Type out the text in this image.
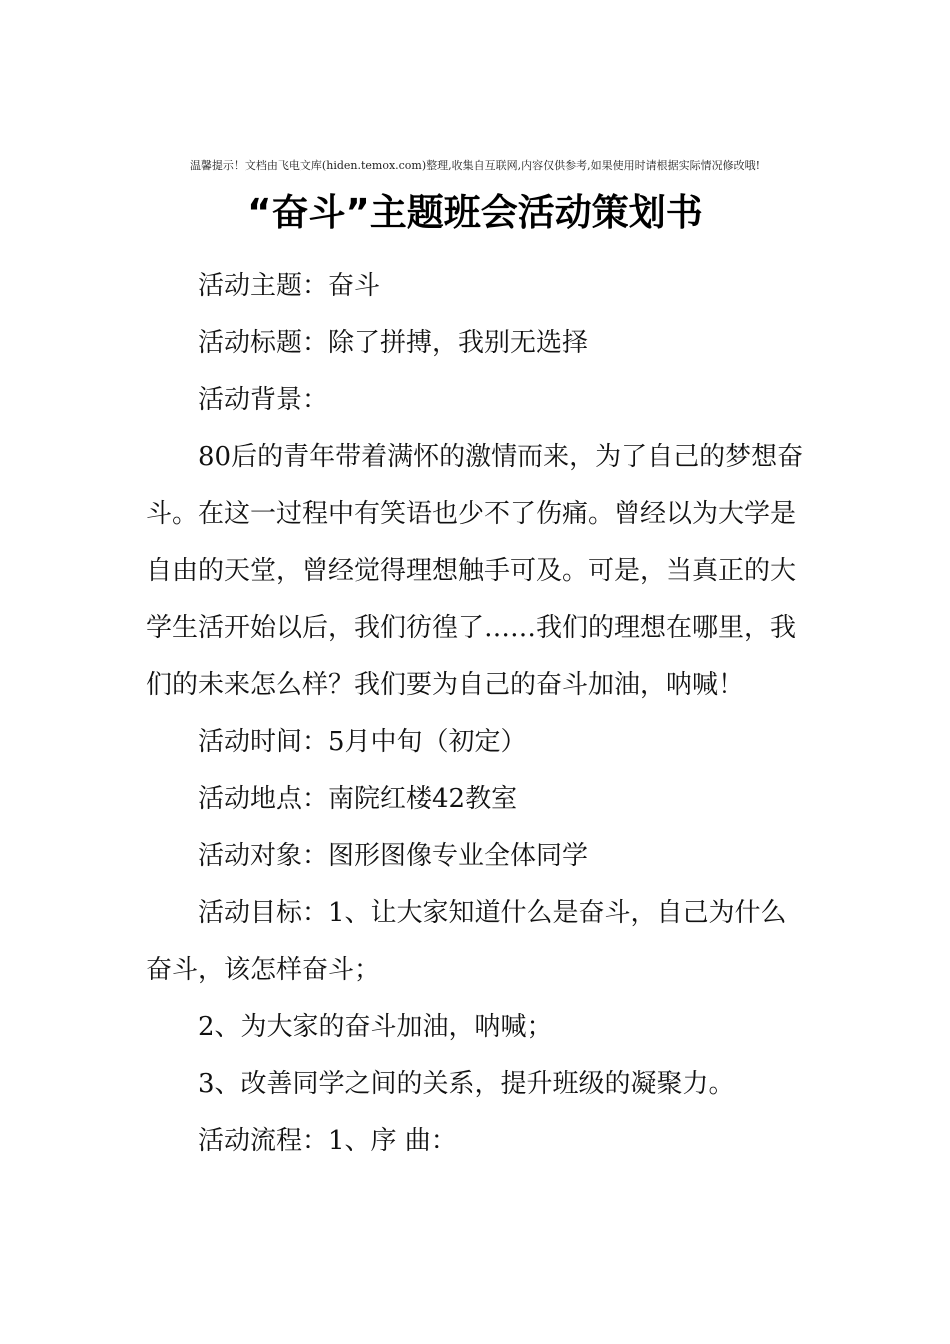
温馨提示！文档由飞电文库(hiden.temox.com)整理,收集自互联网,内容仅供参考,如果使用时请根据实际情况修改哦!
“奋斗”主题班会活动策划书

活动主题：奋斗

活动标题：除了拼搏，我别无选择

活动背景：

80后的青年带着满怀的激情而来，为了自己的梦想奋斗。在这一过程中有笑语也少不了伤痛。曾经以为大学是自由的天堂，曾经觉得理想触手可及。可是，当真正的大学生活开始以后，我们彷徨了……我们的理想在哪里，我们的未来怎么样？我们要为自己的奋斗加油，呐喊！

活动时间：5月中旬（初定）

活动地点：南院红楼42教室

活动对象：图形图像专业全体同学

活动目标：1、让大家知道什么是奋斗，自己为什么奋斗，该怎样奋斗；

2、为大家的奋斗加油，呐喊；

3、改善同学之间的关系，提升班级的凝聚力。

活动流程：1、序 曲：
